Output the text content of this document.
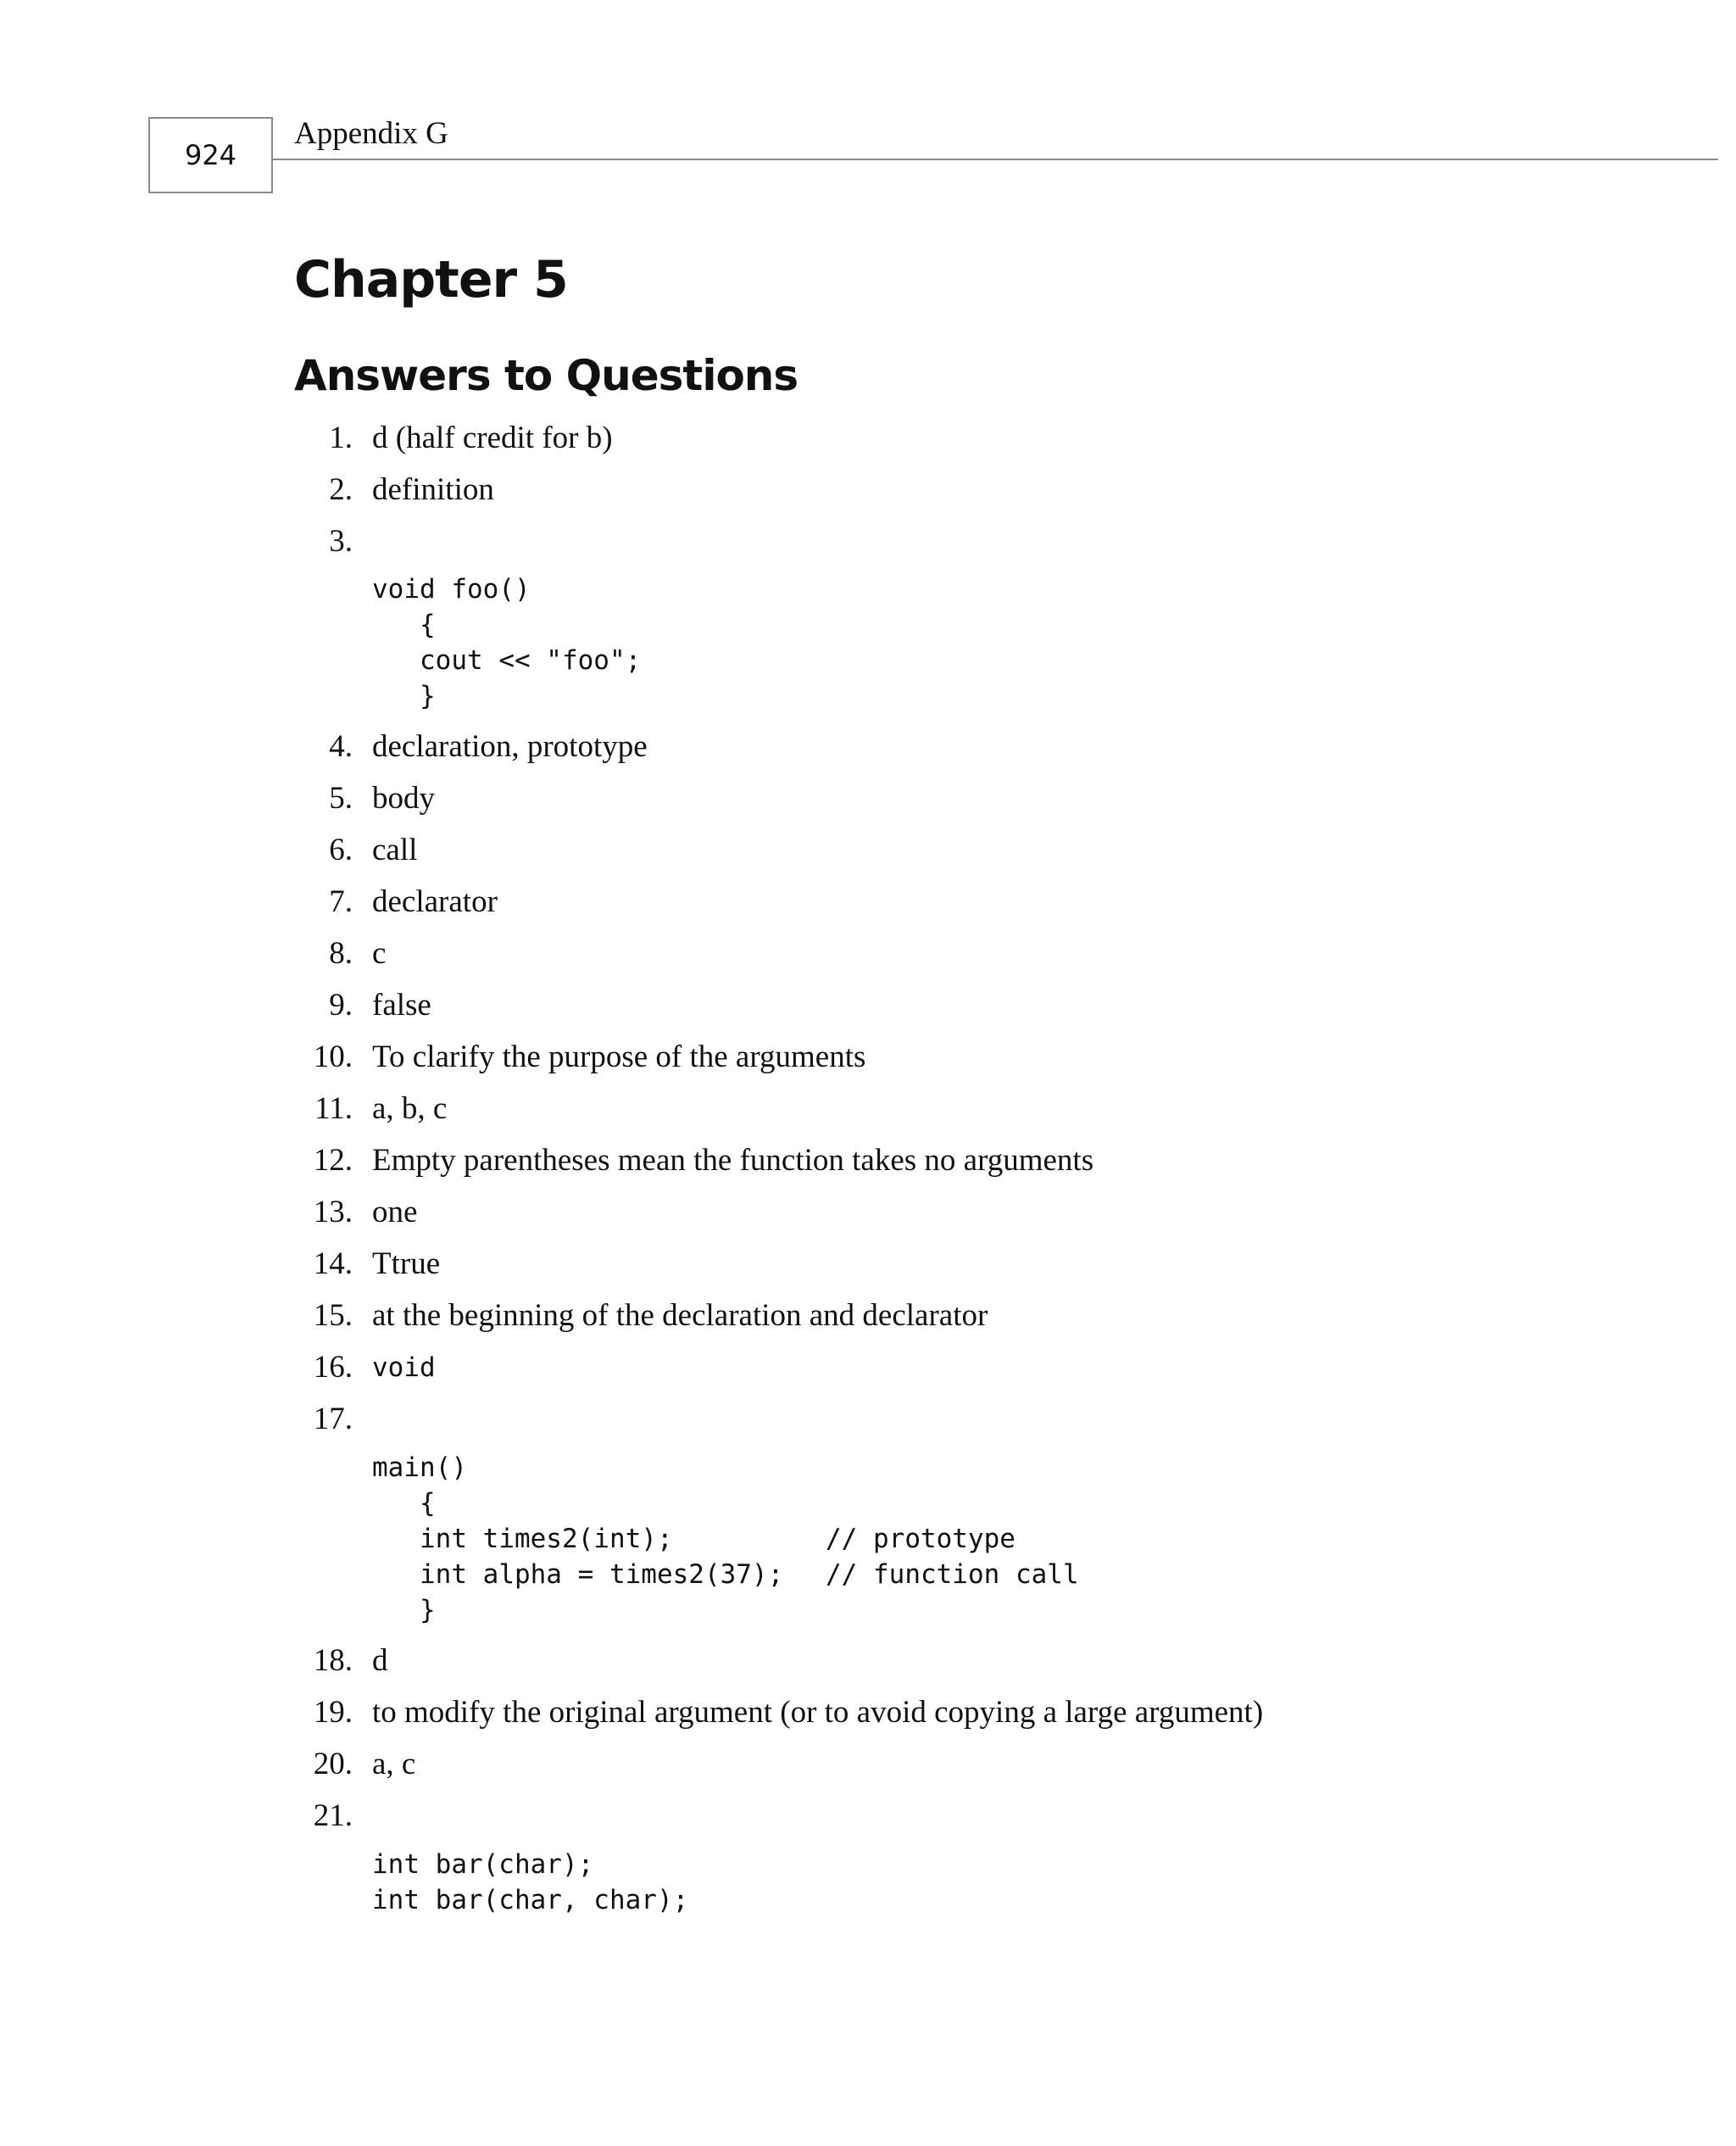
924
Appendix G
Chapter 5
Answers to Questions
1. d (half credit for b)
2. definition
3.
void foo()
{
cout << "foo";
}
4. declaration, prototype
5. body
6. call
7. declarator
8. c
9. false
10. To clarify the purpose of the arguments
11. a, b, c
12. Empty parentheses mean the function takes no arguments
13. one
14. Ttrue
15. at the beginning of the declaration and declarator
16. void
17.
main()
{
int times2(int);	// prototype
int alpha = times2(37); // function call
}
18. d
19. to modify the original argument (or to avoid copying a large argument)
20. a, c
21.
int bar(char);
int bar(char, char);
